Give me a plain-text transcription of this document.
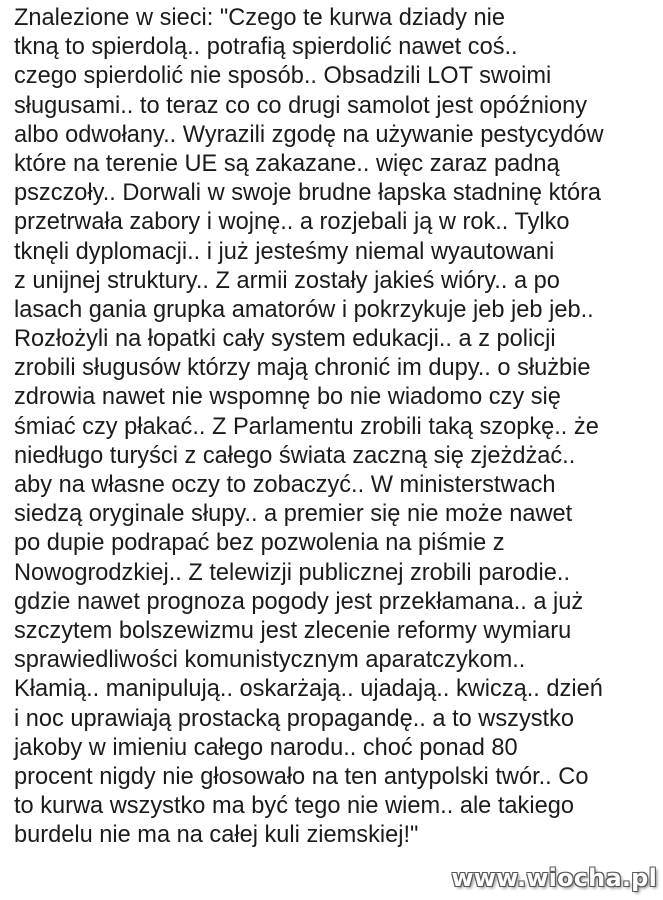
Znalezione w sieci: "Czego te kurwa dziady nie
tkną to spierdolą.. potrafią spierdolić nawet coś..
czego spierdolić nie sposób.. Obsadzili LOT swoimi
sługusami.. to teraz co co drugi samolot jest opóźniony
albo odwołany.. Wyrazili zgodę na używanie pestycydów
które na terenie UE są zakazane.. więc zaraz padną
pszczoły.. Dorwali w swoje brudne łapska stadninę która
przetrwała zabory i wojnę.. a rozjebali ją w rok.. Tylko
tknęli dyplomacji.. i już jesteśmy niemal wyautowani
z unijnej struktury.. Z armii zostały jakieś wióry.. a po
lasach gania grupka amatorów i pokrzykuje jeb jeb jeb..
Rozłożyli na łopatki cały system edukacji.. a z policji
zrobili sługusów którzy mają chronić im dupy.. o służbie
zdrowia nawet nie wspomnę bo nie wiadomo czy się
śmiać czy płakać.. Z Parlamentu zrobili taką szopkę.. że
niedługo turyści z całego świata zaczną się zjeżdżać..
aby na własne oczy to zobaczyć.. W ministerstwach
siedzą oryginale słupy.. a premier się nie może nawet
po dupie podrapać bez pozwolenia na piśmie z
Nowogrodzkiej.. Z telewizji publicznej zrobili parodie..
gdzie nawet prognoza pogody jest przekłamana.. a już
szczytem bolszewizmu jest zlecenie reformy wymiaru
sprawiedliwości komunistycznym aparatczykom..
Kłamią.. manipulują.. oskarżają.. ujadają.. kwiczą.. dzień
i noc uprawiają prostacką propagandę.. a to wszystko
jakoby w imieniu całego narodu.. choć ponad 80
procent nigdy nie głosowało na ten antypolski twór.. Co
to kurwa wszystko ma być tego nie wiem.. ale takiego
burdelu nie ma na całej kuli ziemskiej!"
www.wiocha.pl
